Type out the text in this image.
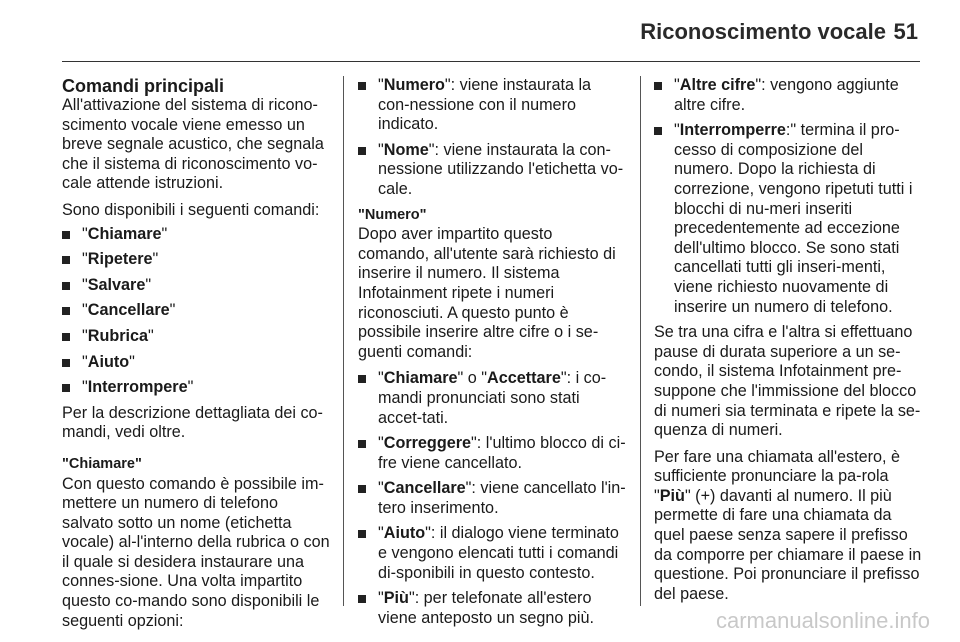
Riconoscimento vocale 51
Comandi principali

All'attivazione del sistema di ricono-scimento vocale viene emesso un breve segnale acustico, che segnala che il sistema di riconoscimento vo-cale attende istruzioni.

Sono disponibili i seguenti comandi:

"Chiamare"
"Ripetere"
"Salvare"
"Cancellare"
"Rubrica"
"Aiuto"
"Interrompere"

Per la descrizione dettagliata dei co-mandi, vedi oltre.

"Chiamare"

Con questo comando è possibile im-mettere un numero di telefono salvato sotto un nome (etichetta vocale) al-l'interno della rubrica o con il quale si desidera instaurare una connes-sione. Una volta impartito questo co-mando sono disponibili le seguenti opzioni:

"Numero": viene instaurata la con-nessione con il numero indicato.
"Nome": viene instaurata la con-nessione utilizzando l'etichetta vo-cale.
"Numero"

Dopo aver impartito questo comando, all'utente sarà richiesto di inserire il numero. Il sistema Infotainment ripete i numeri riconosciuti. A questo punto è possibile inserire altre cifre o i se-guenti comandi:

"Chiamare" o "Accettare": i co-mandi pronunciati sono stati accet-tati.
"Correggere": l'ultimo blocco di ci-fre viene cancellato.
"Cancellare": viene cancellato l'in-tero inserimento.
"Aiuto": il dialogo viene terminato e vengono elencati tutti i comandi di-sponibili in questo contesto.
"Più": per telefonate all'estero viene anteposto un segno più.
"Altre cifre": vengono aggiunte altre cifre.
"Interromperre:" termina il pro-cesso di composizione del numero. Dopo la richiesta di correzione, vengono ripetuti tutti i blocchi di nu-meri inseriti precedentemente ad eccezione dell'ultimo blocco. Se sono stati cancellati tutti gli inseri-menti, viene richiesto nuovamente di inserire un numero di telefono.

Se tra una cifra e l'altra si effettuano pause di durata superiore a un se-condo, il sistema Infotainment pre-suppone che l'immissione del blocco di numeri sia terminata e ripete la se-quenza di numeri.

Per fare una chiamata all'estero, è sufficiente pronunciare la pa-rola "Più" (+) davanti al numero. Il più permette di fare una chiamata da quel paese senza sapere il prefisso da comporre per chiamare il paese in questione. Poi pronunciare il prefisso del paese.

carmanualsonline.info
